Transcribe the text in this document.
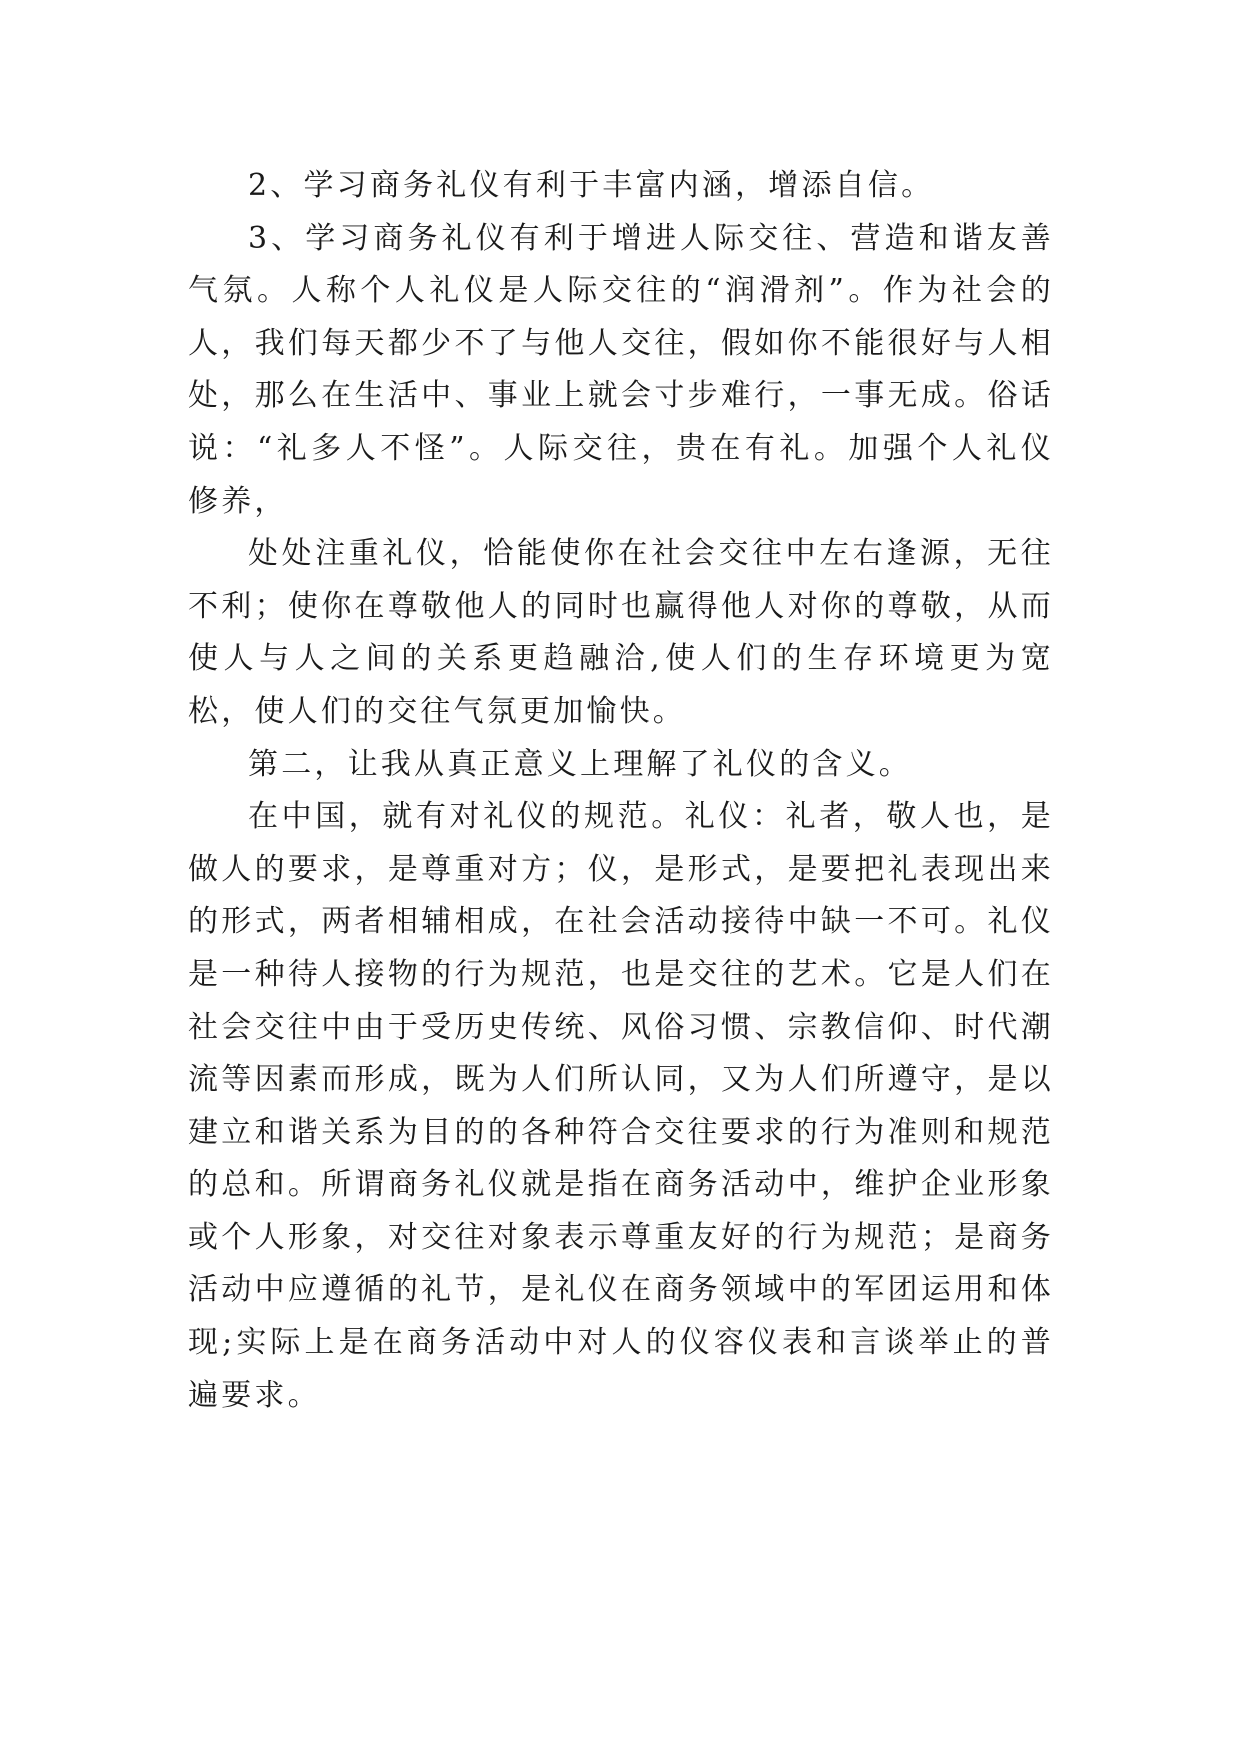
2、学习商务礼仪有利于丰富内涵，增添自信。

3、学习商务礼仪有利于增进人际交往、营造和谐友善气氛。人称个人礼仪是人际交往的“润滑剂”。作为社会的人，我们每天都少不了与他人交往，假如你不能很好与人相处，那么在生活中、事业上就会寸步难行，一事无成。俗话说：“礼多人不怪”。人际交往，贵在有礼。加强个人礼仪修养，

处处注重礼仪，恰能使你在社会交往中左右逢源，无往不利；使你在尊敬他人的同时也赢得他人对你的尊敬，从而使人与人之间的关系更趋融洽,使人们的生存环境更为宽松，使人们的交往气氛更加愉快。

第二，让我从真正意义上理解了礼仪的含义。

在中国，就有对礼仪的规范。礼仪：礼者，敬人也，是做人的要求，是尊重对方；仪，是形式，是要把礼表现出来的形式，两者相辅相成，在社会活动接待中缺一不可。礼仪是一种待人接物的行为规范，也是交往的艺术。它是人们在社会交往中由于受历史传统、风俗习惯、宗教信仰、时代潮流等因素而形成，既为人们所认同，又为人们所遵守，是以建立和谐关系为目的的各种符合交往要求的行为准则和规范的总和。所谓商务礼仪就是指在商务活动中，维护企业形象或个人形象，对交往对象表示尊重友好的行为规范；是商务活动中应遵循的礼节，是礼仪在商务领域中的军团运用和体现;实际上是在商务活动中对人的仪容仪表和言谈举止的普遍要求。
